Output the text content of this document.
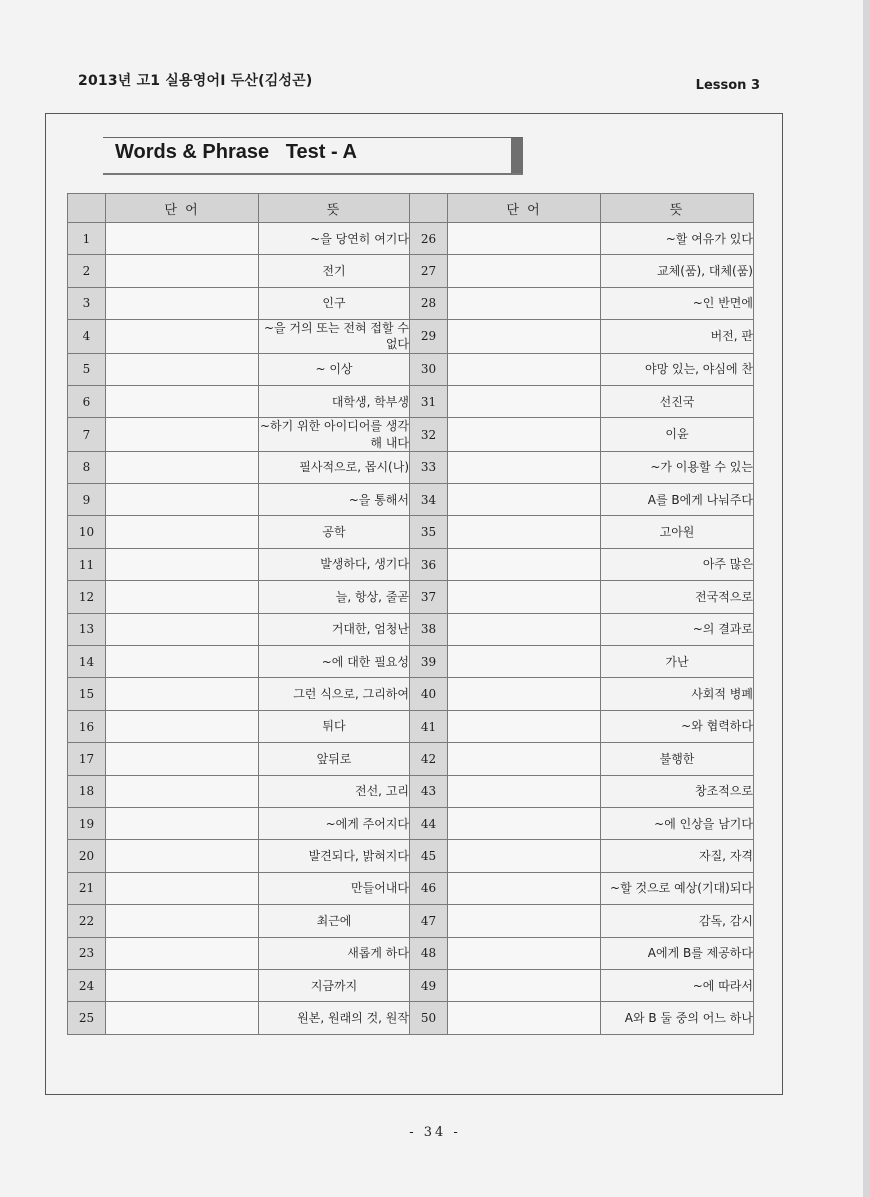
2013년 고1 실용영어I 두산(김성곤)	Lesson 3
Words & Phrase   Test - A
	단 어	뜻		단 어	뜻
1		~을 당연히 여기다	26		~할 여유가 있다
2		전기	27		교체(품), 대체(품)
3		인구	28		~인 반면에
4		~을 거의 또는 전혀 접할 수 없다	29		버전, 판
5		~ 이상	30		야망 있는, 야심에 찬
6		대학생, 학부생	31		선진국
7		~하기 위한 아이디어를 생각해 내다	32		이윤
8		필사적으로, 몹시(나)	33		~가 이용할 수 있는
9		~을 통해서	34		A를 B에게 나눠주다
10		공학	35		고아원
11		발생하다, 생기다	36		아주 많은
12		늘, 항상, 줄곧	37		전국적으로
13		거대한, 엄청난	38		~의 결과로
14		~에 대한 필요성	39		가난
15		그런 식으로, 그리하여	40		사회적 병폐
16		튀다	41		~와 협력하다
17		앞뒤로	42		불행한
18		전선, 고리	43		창조적으로
19		~에게 주어지다	44		~에 인상을 남기다
20		발견되다, 밝혀지다	45		자질, 자격
21		만들어내다	46		~할 것으로 예상(기대)되다
22		최근에	47		감독, 감시
23		새롭게 하다	48		A에게 B를 제공하다
24		지금까지	49		~에 따라서
25		원본, 원래의 것, 원작	50		A와 B 둘 중의 어느 하나
- 34 -
